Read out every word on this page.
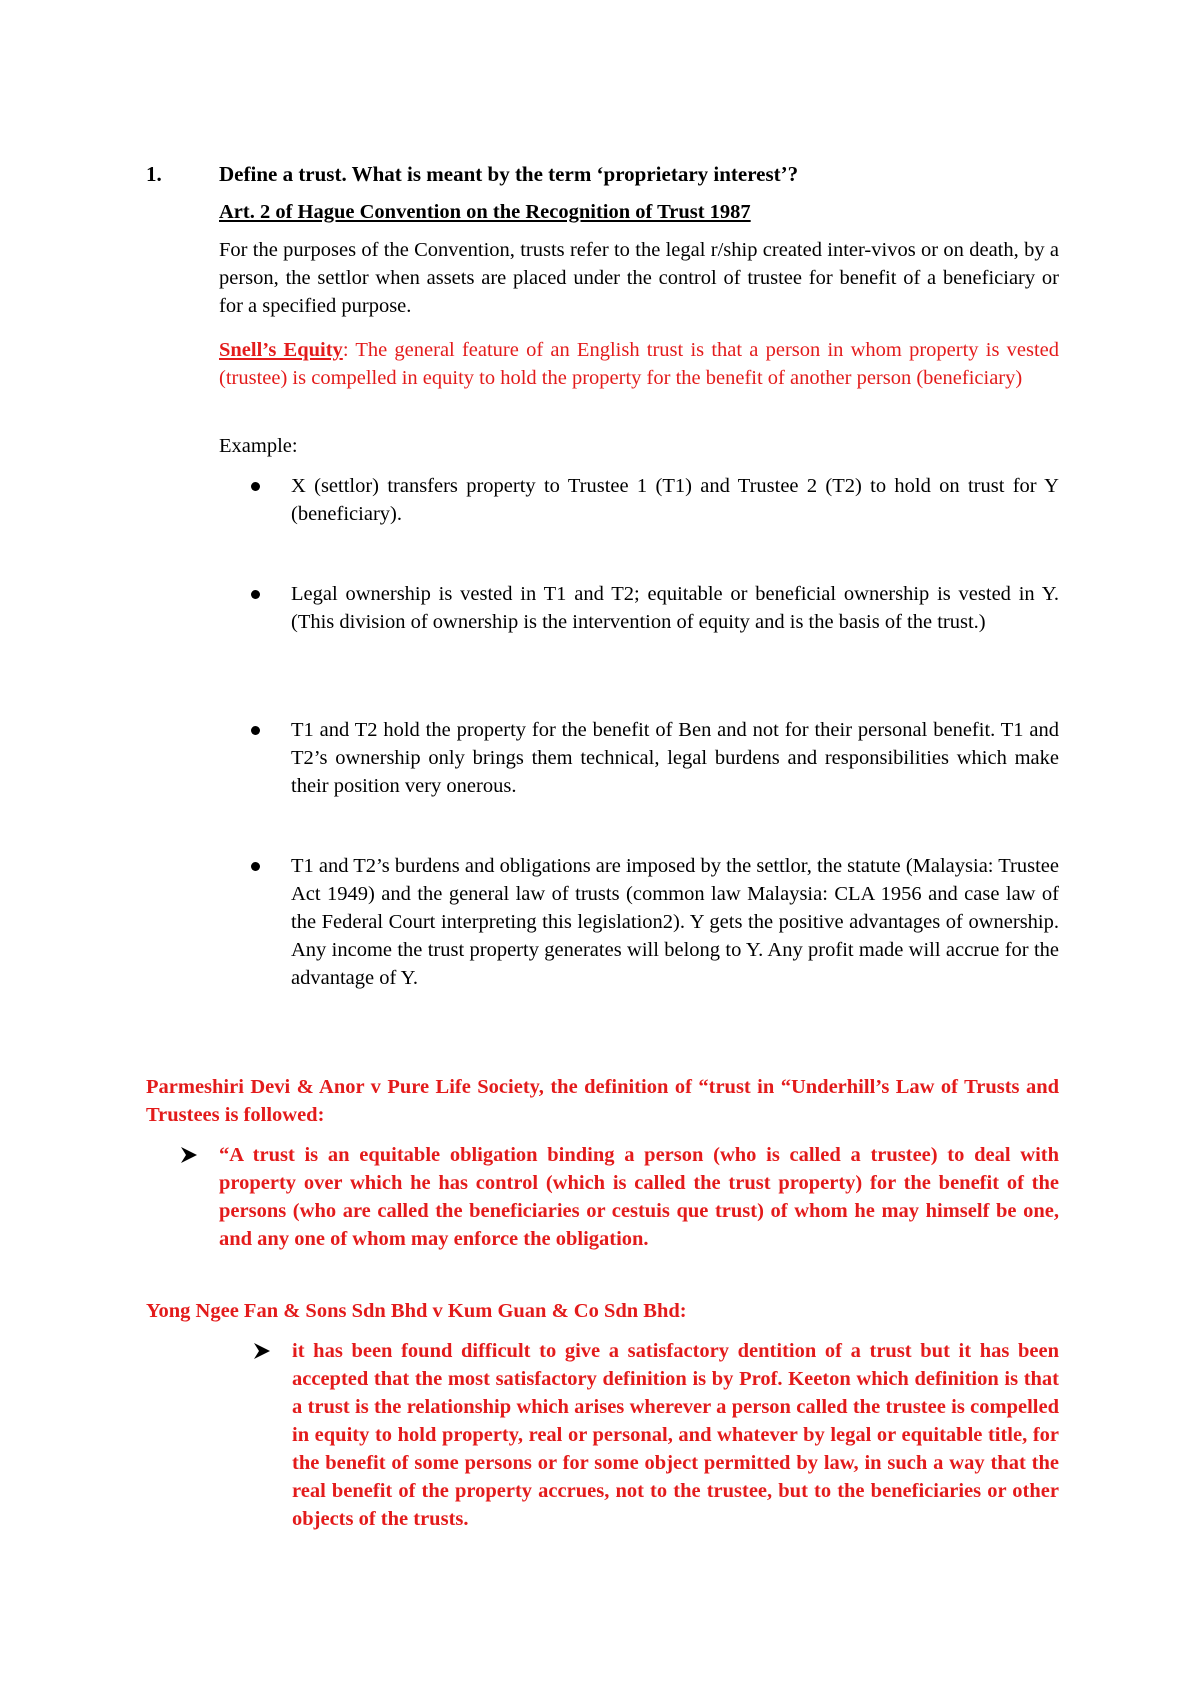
1.	Define a trust. What is meant by the term ‘proprietary interest’?
Art. 2 of Hague Convention on the Recognition of Trust 1987
For the purposes of the Convention, trusts refer to the legal r/ship created inter-vivos or on death, by a person, the settlor when assets are placed under the control of trustee for benefit of a beneficiary or for a specified purpose.
Snell’s Equity: The general feature of an English trust is that a person in whom property is vested (trustee) is compelled in equity to hold the property for the benefit of another person (beneficiary)
Example:
X (settlor) transfers property to Trustee 1 (T1) and Trustee 2 (T2) to hold on trust for Y (beneficiary).
Legal ownership is vested in T1 and T2; equitable or beneficial ownership is vested in Y. (This division of ownership is the intervention of equity and is the basis of the trust.)
T1 and T2 hold the property for the benefit of Ben and not for their personal benefit. T1 and T2’s ownership only brings them technical, legal burdens and responsibilities which make their position very onerous.
T1 and T2’s burdens and obligations are imposed by the settlor, the statute (Malaysia: Trustee Act 1949) and the general law of trusts (common law Malaysia: CLA 1956 and case law of the Federal Court interpreting this legislation2). Y gets the positive advantages of ownership. Any income the trust property generates will belong to Y. Any profit made will accrue for the advantage of Y.
Parmeshiri Devi & Anor v Pure Life Society, the definition of “trust in “Underhill’s Law of Trusts and Trustees is followed:
“A trust is an equitable obligation binding a person (who is called a trustee) to deal with property over which he has control (which is called the trust property) for the benefit of the persons (who are called the beneficiaries or cestuis que trust) of whom he may himself be one, and any one of whom may enforce the obligation.
Yong Ngee Fan & Sons Sdn Bhd v Kum Guan & Co Sdn Bhd:
it has been found difficult to give a satisfactory dentition of a trust but it has been accepted that the most satisfactory definition is by Prof. Keeton which definition is that a trust is the relationship which arises wherever a person called the trustee is compelled in equity to hold property, real or personal, and whatever by legal or equitable title, for the benefit of some persons or for some object permitted by law, in such a way that the real benefit of the property accrues, not to the trustee, but to the beneficiaries or other objects of the trusts.
